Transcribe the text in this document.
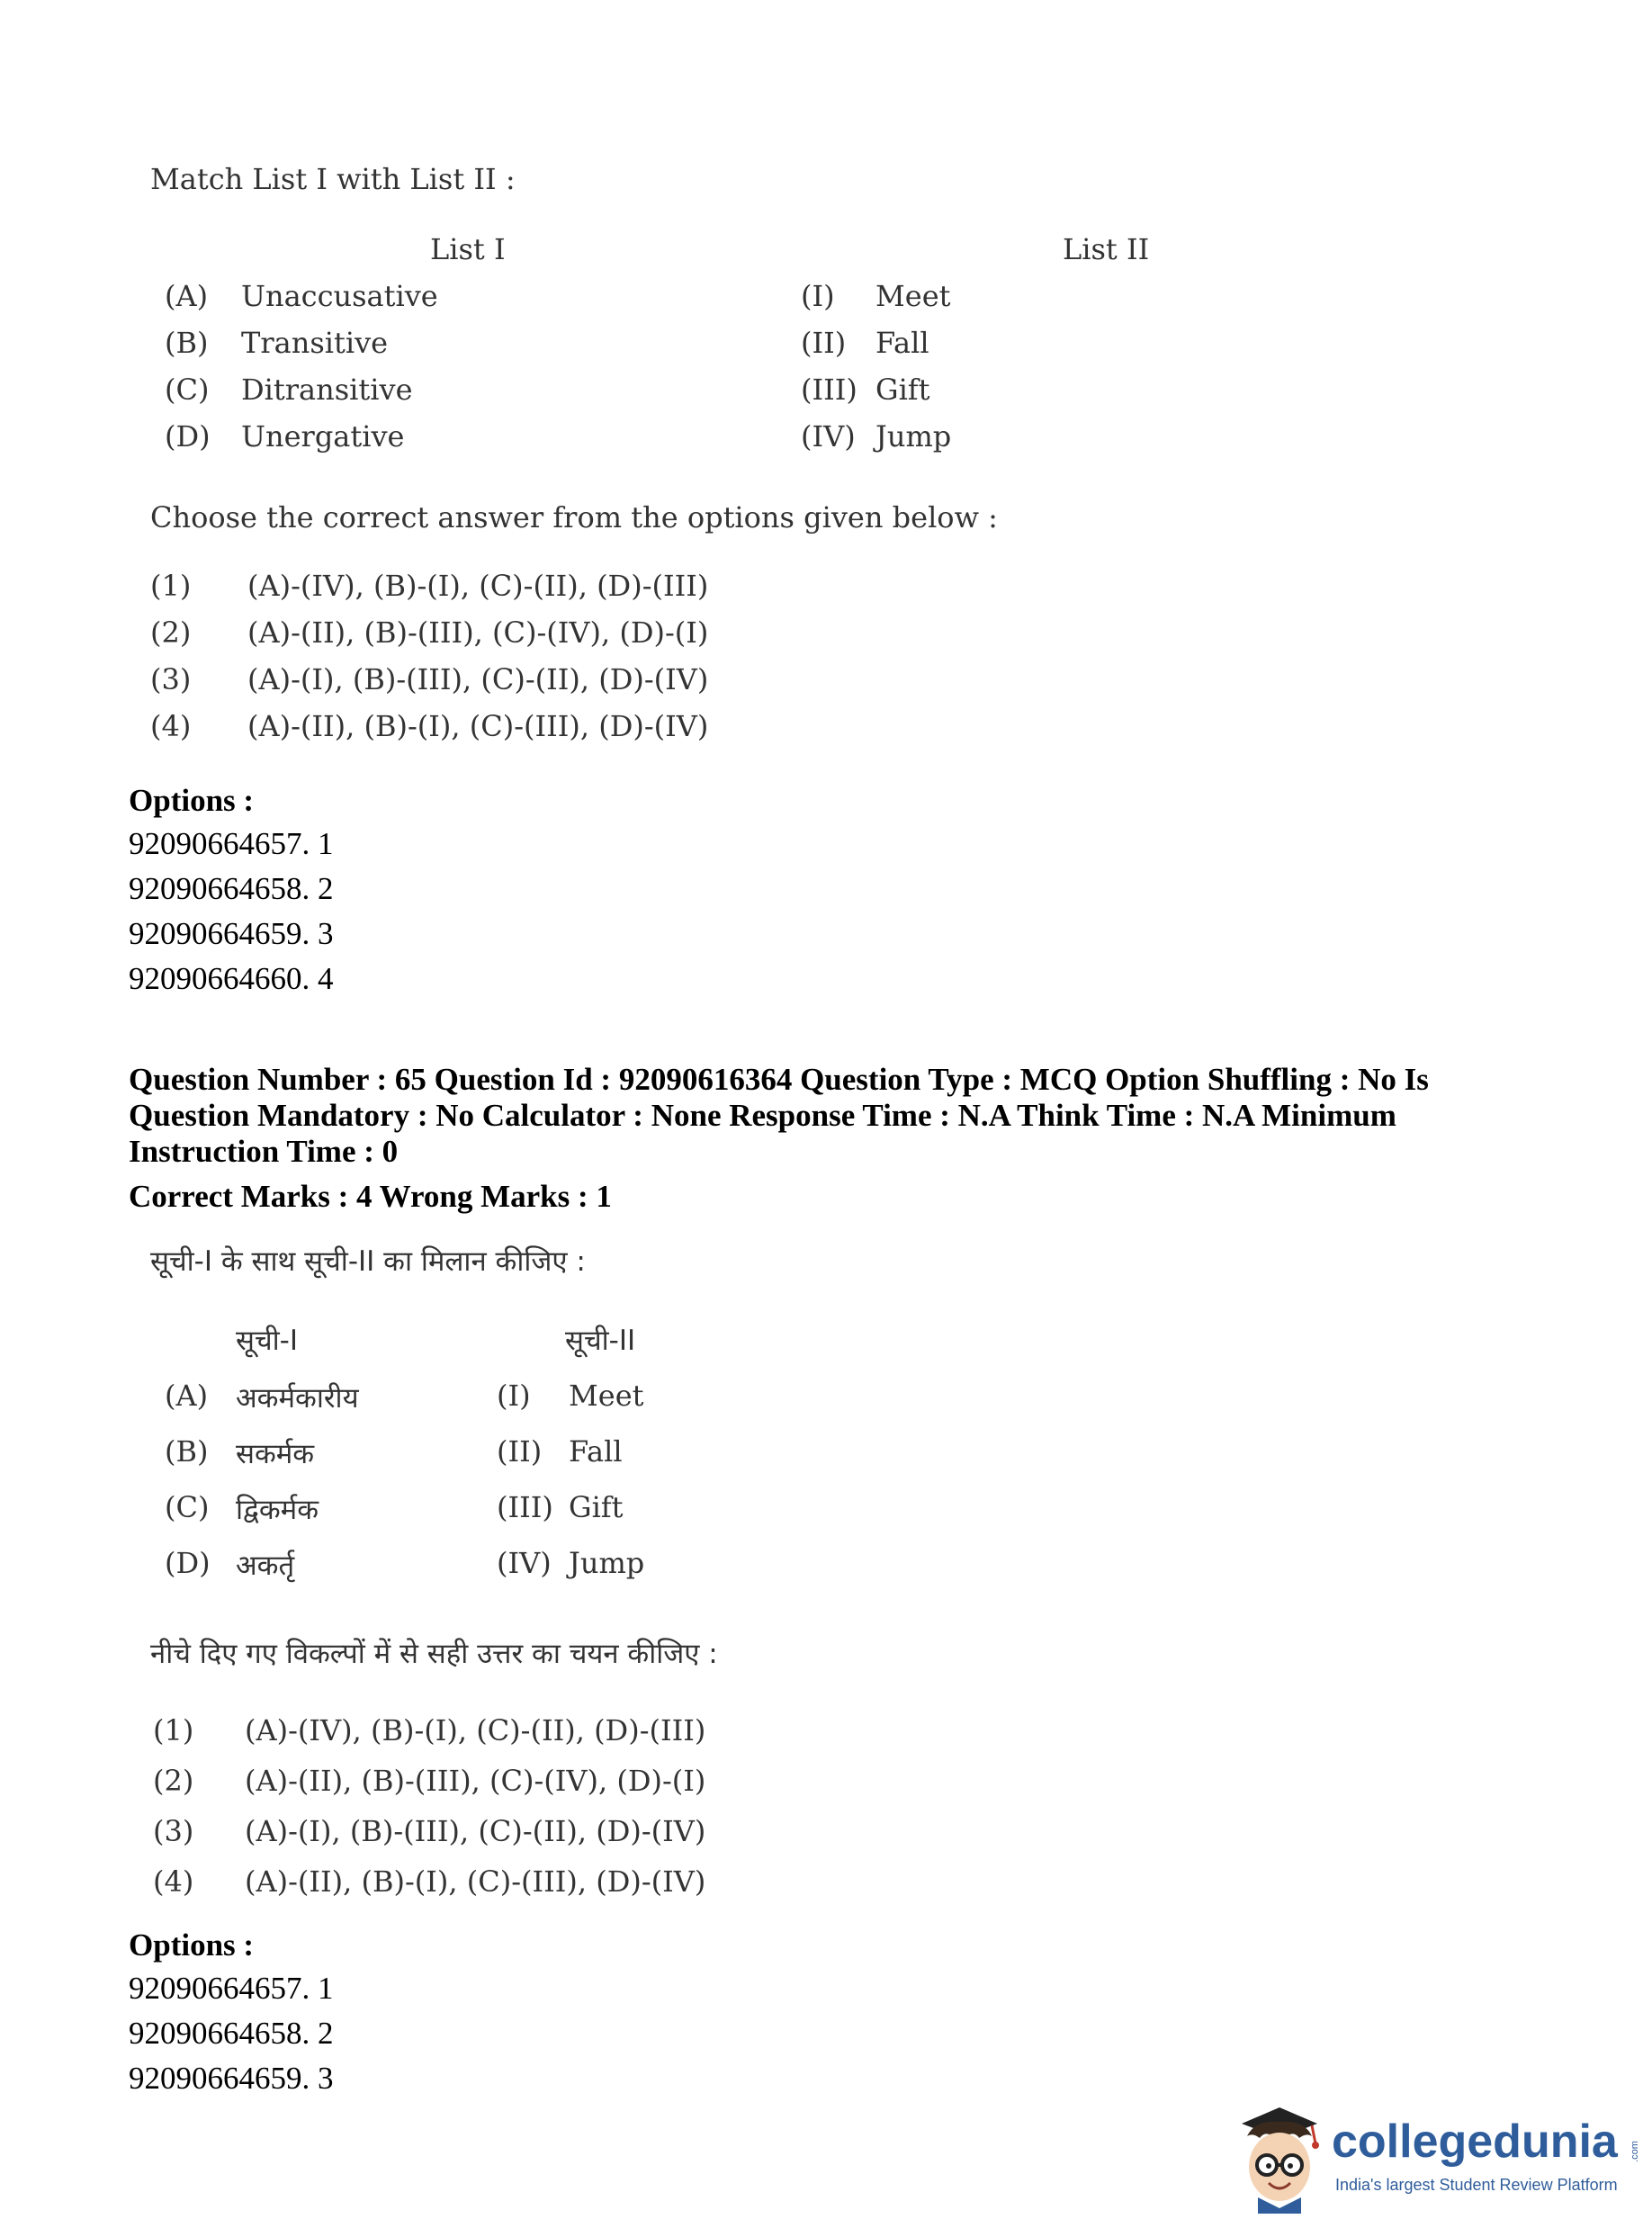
Match List I with List II :
List I	List II
(A) Unaccusative
(B) Transitive
(C) Ditransitive
(D) Unergative
(I) Meet
(II) Fall
(III) Gift
(IV) Jump
Choose the correct answer from the options given below :
(1) (A)-(IV), (B)-(I), (C)-(II), (D)-(III)
(2) (A)-(II), (B)-(III), (C)-(IV), (D)-(I)
(3) (A)-(I), (B)-(III), (C)-(II), (D)-(IV)
(4) (A)-(II), (B)-(I), (C)-(III), (D)-(IV)
Options :
92090664657. 1
92090664658. 2
92090664659. 3
92090664660. 4
Question Number : 65 Question Id : 92090616364 Question Type : MCQ Option Shuffling : No Is
Question Mandatory : No Calculator : None Response Time : N.A Think Time : N.A Minimum
Instruction Time : 0
Correct Marks : 4 Wrong Marks : 1
सूची-I के साथ सूची-II का मिलान कीजिए :
सूची-I	सूची-II
(A) अकर्मकारीय
(B) सकर्मक
(C) द्विकर्मक
(D) अकर्तृ
(I) Meet
(II) Fall
(III) Gift
(IV) Jump
नीचे दिए गए विकल्पों में से सही उत्तर का चयन कीजिए :
(1) (A)-(IV), (B)-(I), (C)-(II), (D)-(III)
(2) (A)-(II), (B)-(III), (C)-(IV), (D)-(I)
(3) (A)-(I), (B)-(III), (C)-(II), (D)-(IV)
(4) (A)-(II), (B)-(I), (C)-(III), (D)-(IV)
Options :
92090664657. 1
92090664658. 2
92090664659. 3
collegedunia
India's largest Student Review Platform
.com
